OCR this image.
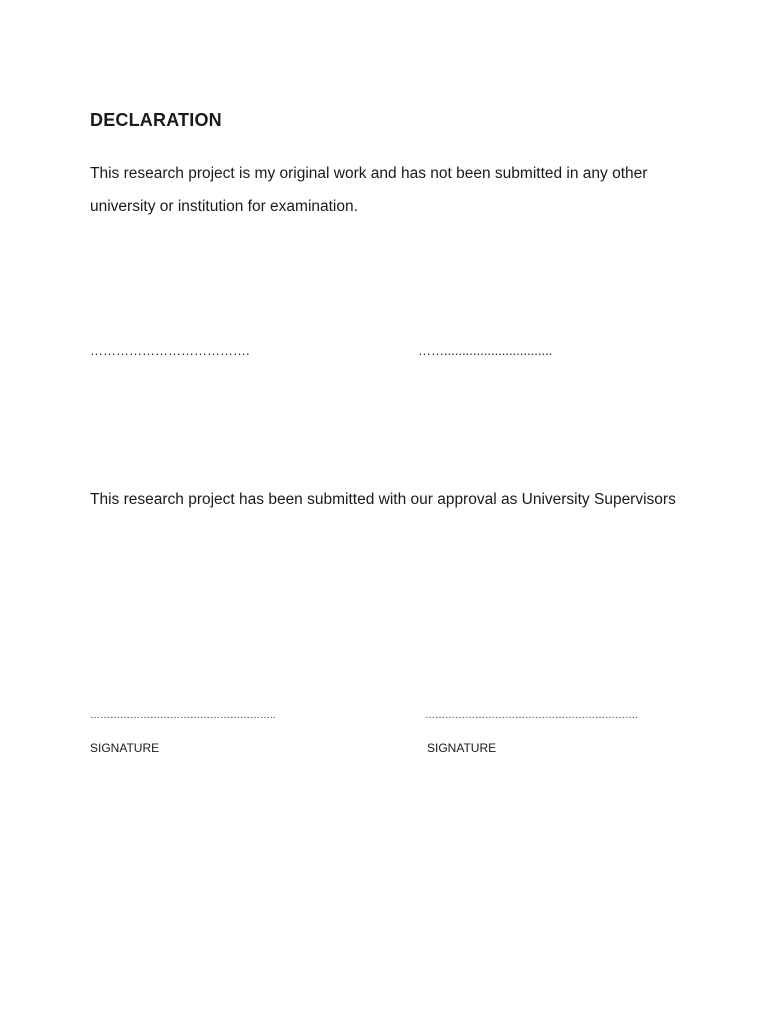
DECLARATION

This research project is my original work and has not been submitted in any other university or institution for examination.

……………………………….	……..............................

This research project has been submitted with our approval as University Supervisors

………………………………………………..	……………………………………………………….
SIGNATURE	SIGNATURE
